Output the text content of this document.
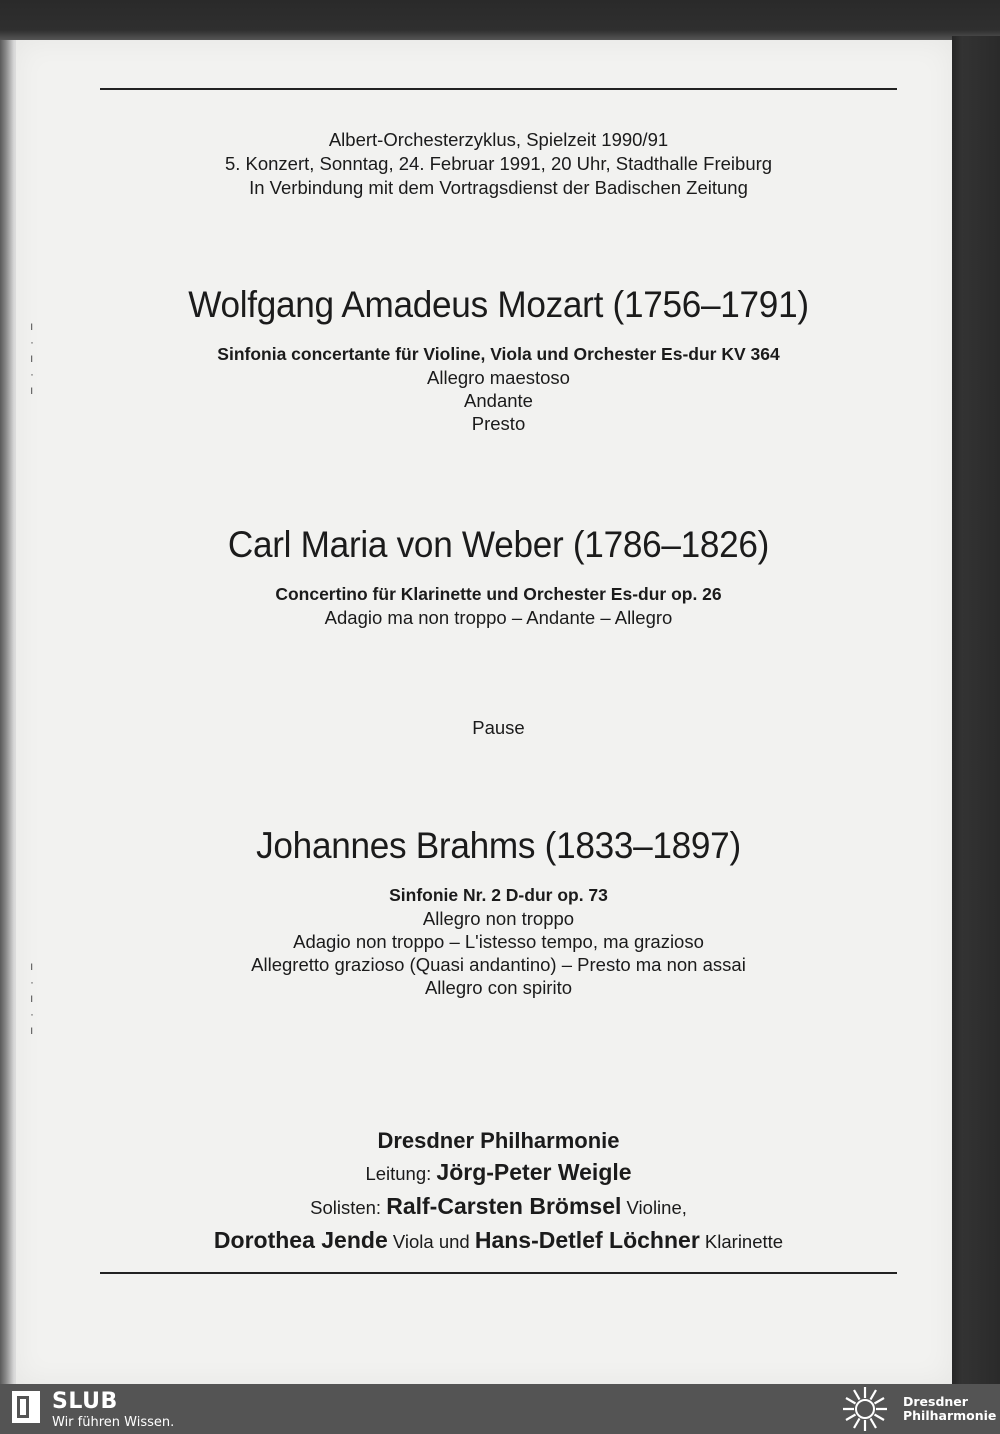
ı
·
ı
·
ı
ı
·
ı
·
ı

Albert-Orchesterzyklus, Spielzeit 1990/91

5. Konzert, Sonntag, 24. Februar 1991, 20 Uhr, Stadthalle Freiburg

In Verbindung mit dem Vortragsdienst der Badischen Zeitung

Wolfgang Amadeus Mozart (1756–1791)

Sinfonia concertante für Violine, Viola und Orchester Es-dur KV 364

Allegro maestoso

Andante

Presto

Carl Maria von Weber (1786–1826)

Concertino für Klarinette und Orchester Es-dur op. 26

Adagio ma non troppo – Andante – Allegro

Pause

Johannes Brahms (1833–1897)

Sinfonie Nr. 2 D-dur op. 73

Allegro non troppo

Adagio non troppo – L'istesso tempo, ma grazioso

Allegretto grazioso (Quasi andantino) – Presto ma non assai

Allegro con spirito

Dresdner Philharmonie

Leitung: Jörg-Peter Weigle

Solisten: Ralf-Carsten Brömsel Violine,

Dorothea Jende Viola und Hans-Detlef Löchner Klarinette

SLUB
Wir führen Wissen.
Dresdner
Philharmonie
